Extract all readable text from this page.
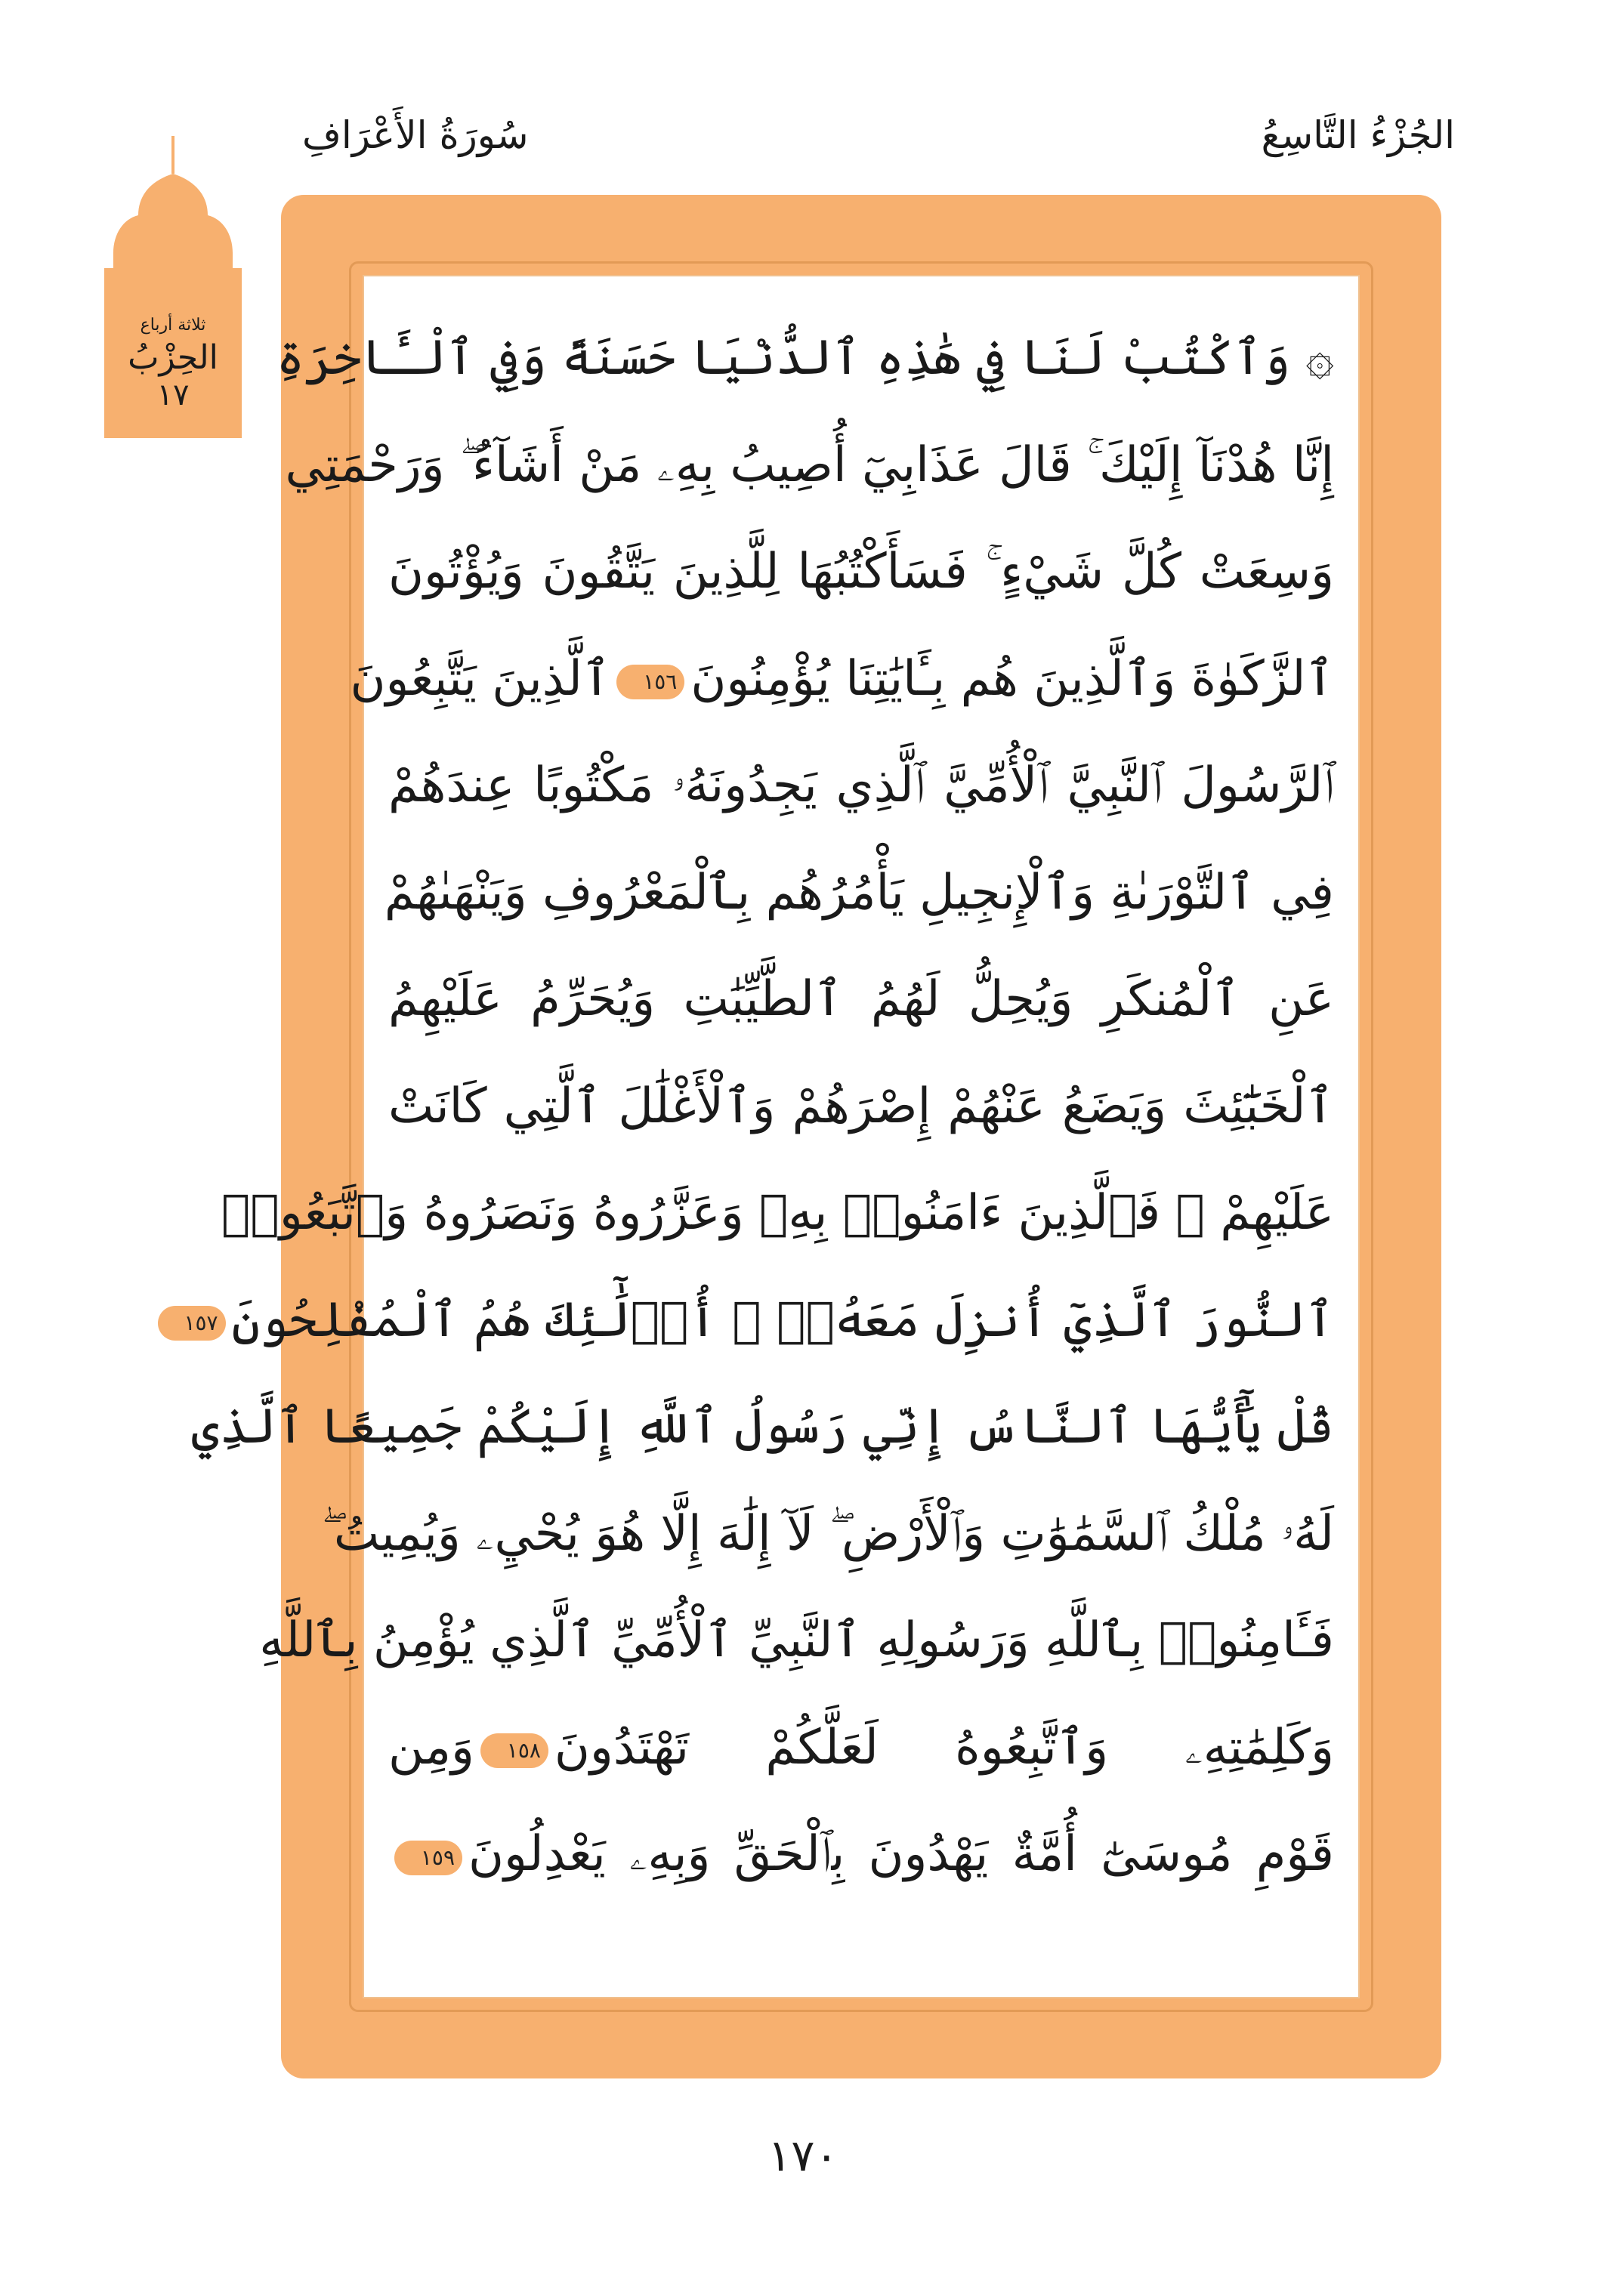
الجُزْءُ التَّاسِعُ
سُورَةُ الأَعْرَافِ
ثلاثة أرباع
الحِزْبُ
١٧
۞ وَٱكْتُبْ لَنَا فِي هَٰذِهِ ٱلدُّنْيَا حَسَنَةً وَفِي ٱلْـَٔاخِرَةِ
إِنَّا هُدْنَآ إِلَيْكَ ۚ قَالَ عَذَابِيٓ أُصِيبُ بِهِۦ مَنْ أَشَآءُ ۖ وَرَحْمَتِي
وَسِعَتْ كُلَّ شَيْءٍ ۚ فَسَأَكْتُبُهَا لِلَّذِينَ يَتَّقُونَ وَيُؤْتُونَ
ٱلزَّكَوٰةَ وَٱلَّذِينَ هُم بِـَٔايَٰتِنَا يُؤْمِنُونَ١٥٦ٱلَّذِينَ يَتَّبِعُونَ
ٱلرَّسُولَ ٱلنَّبِيَّ ٱلْأُمِّيَّ ٱلَّذِي يَجِدُونَهُۥ مَكْتُوبًا عِندَهُمْ
فِي ٱلتَّوْرَىٰةِ وَٱلْإِنجِيلِ يَأْمُرُهُم بِٱلْمَعْرُوفِ وَيَنْهَىٰهُمْ
عَنِ ٱلْمُنكَرِ وَيُحِلُّ لَهُمُ ٱلطَّيِّبَٰتِ وَيُحَرِّمُ عَلَيْهِمُ
ٱلْخَبَٰٓئِثَ وَيَضَعُ عَنْهُمْ إِصْرَهُمْ وَٱلْأَغْلَٰلَ ٱلَّتِي كَانَتْ
عَلَيْهِمْ ۚ فَٱلَّذِينَ ءَامَنُوا۟ بِهِۦ وَعَزَّرُوهُ وَنَصَرُوهُ وَٱتَّبَعُوا۟
ٱلنُّورَ ٱلَّذِيٓ أُنزِلَ مَعَهُۥٓ ۙ أُو۟لَٰٓئِكَ هُمُ ٱلْمُفْلِحُونَ١٥٧
قُلْ يَٰٓأَيُّهَا ٱلنَّاسُ إِنِّي رَسُولُ ٱللَّهِ إِلَيْكُمْ جَمِيعًا ٱلَّذِي
لَهُۥ مُلْكُ ٱلسَّمَٰوَٰتِ وَٱلْأَرْضِ ۖ لَآ إِلَٰهَ إِلَّا هُوَ يُحْيِۦ وَيُمِيتُ ۖ
فَـَٔامِنُوا۟ بِٱللَّهِ وَرَسُولِهِ ٱلنَّبِيِّ ٱلْأُمِّيِّ ٱلَّذِي يُؤْمِنُ بِٱللَّهِ
وَكَلِمَٰتِهِۦ وَٱتَّبِعُوهُ لَعَلَّكُمْ تَهْتَدُونَ١٥٨وَمِن
قَوْمِ مُوسَىٰٓ أُمَّةٌ يَهْدُونَ بِٱلْحَقِّ وَبِهِۦ يَعْدِلُونَ١٥٩
١٧٠
